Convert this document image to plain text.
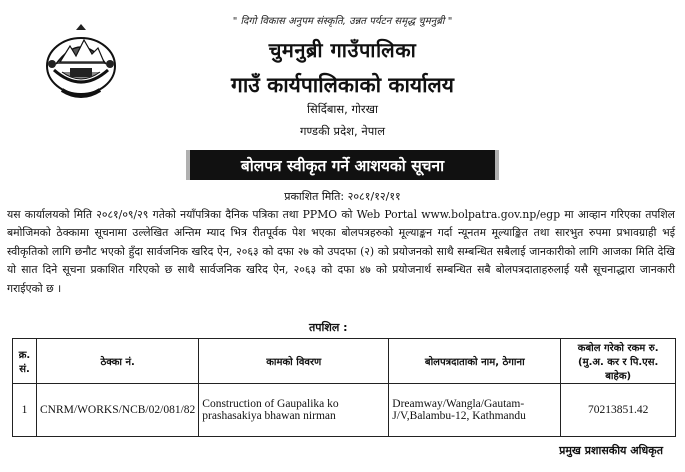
" दिगो विकास अनुपम संस्कृति, उन्नत पर्यटन समृद्ध चुमनुब्री "
चुमनुब्री गाउँपालिका
गाउँ कार्यपालिकाको कार्यालय
सिर्दिबास, गोरखा
गण्डकी प्रदेश, नेपाल
बोलपत्र स्वीकृत गर्ने आशयको सूचना
प्रकाशित मिति: २०८१/१२/११

यस कार्यालयको मिति २०८१/०९/२९ गतेको नयाँपत्रिका दैनिक पत्रिका तथा PPMO को Web Portal www.bolpatra.gov.np/egp मा आव्हान गरिएका तपशिल बमोजिमको ठेक्कामा सूचनामा उल्लेखित अन्तिम म्याद भित्र रीतपूर्वक पेश भएका बोलपत्रहरुको मूल्याङ्कन गर्दा न्यूनतम मूल्याङ्कित तथा सारभुत रुपमा प्रभावग्राही भई स्वीकृतिको लागि छनौट भएको हुँदा सार्वजनिक खरिद ऐन, २०६३ को दफा २७ को उपदफा (२) को प्रयोजनको साथै सम्बन्धित सबैलाई जानकारीको लागि आजका मिति देखि यो सात दिने सूचना प्रकाशित गरिएको छ साथै सार्वजनिक खरिद ऐन, २०६३ को दफा ४७ को प्रयोजनार्थ सम्बन्धित सबै बोलपत्रदाताहरुलाई यसै सूचनाद्धारा जानकारी गराईएको छ ।

तपशिल :
क्र. सं.	ठेक्का नं.	कामको विवरण	बोलपत्रदाताको नाम, ठेगाना	कबोल गरेको रकम रु. (मु.अ. कर र पि.एस. बाहेक)
1	CNRM/WORKS/NCB/02/081/82	Construction of Gaupalika ko prashasakiya bhawan nirman	Dreamway/Wangla/Gautam-J/V,Balambu-12, Kathmandu	70213851.42
प्रमुख प्रशासकीय अधिकृत
